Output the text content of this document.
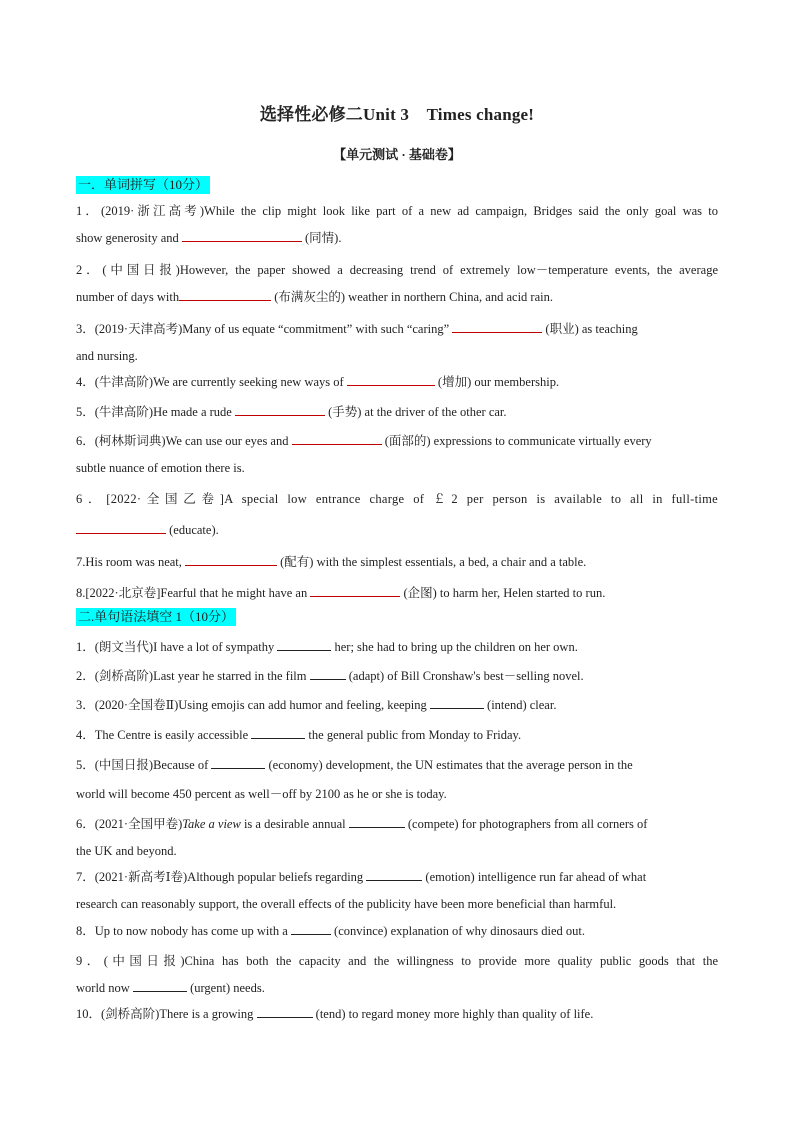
选择性必修二Unit 3    Times change!
【单元测试 · 基础卷】
一．单词拼写（10分）
1．(2019·浙江高考)While the clip might look like part of a new ad campaign, Bridges said the only goal was to
show generosity and	(同情).
2．(中国日报)However, the paper showed a decreasing trend of extremely low－temperature events, the average
number of days with	(布满灰尘的) weather in northern China, and acid rain.
3．(2019·天津高考)Many of us equate “commitment” with such “caring”	(职业) as teaching
and nursing.
4．(牛津高阶)We are currently seeking new ways of	(增加) our membership.
5．(牛津高阶)He made a rude	(手势) at the driver of the other car.
6．(柯林斯词典)We can use our eyes and	(面部的) expressions to communicate virtually every
subtle nuance of emotion there is.
6．[2022·全国乙卷]A special low entrance charge of ￡2 per person is available to all in full-time
(educate).
7.His room was neat,	(配有) with the simplest essentials, a bed, a chair and a table.
8.[2022·北京卷]Fearful that he might have an	(企图) to harm her, Helen started to run.
二.单句语法填空 1（10分）
1．(朗文当代)I have a lot of sympathy	her; she had to bring up the children on her own.
2．(剑桥高阶)Last year he starred in the film	(adapt) of Bill Cronshaw's best－selling novel.
3．(2020·全国卷Ⅱ)Using emojis can add humor and feeling, keeping	(intend) clear.
4．The Centre is easily accessible	the general public from Monday to Friday.
5．(中国日报)Because of	(economy) development, the UN estimates that the average person in the
world will become 450 percent as well－off by 2100 as he or she is today.
6．(2021·全国甲卷)Take a view is a desirable annual	(compete) for photographers from all corners of
the UK and beyond.
7．(2021·新高考Ⅰ卷)Although popular beliefs regarding	(emotion) intelligence run far ahead of what
research can reasonably support, the overall effects of the publicity have been more beneficial than harmful.
8．Up to now nobody has come up with a	(convince) explanation of why dinosaurs died out.
9．(中国日报)China has both the capacity and the willingness to provide more quality public goods that the
world now	(urgent) needs.
10．(剑桥高阶)There is a growing	(tend) to regard money more highly than quality of life.
